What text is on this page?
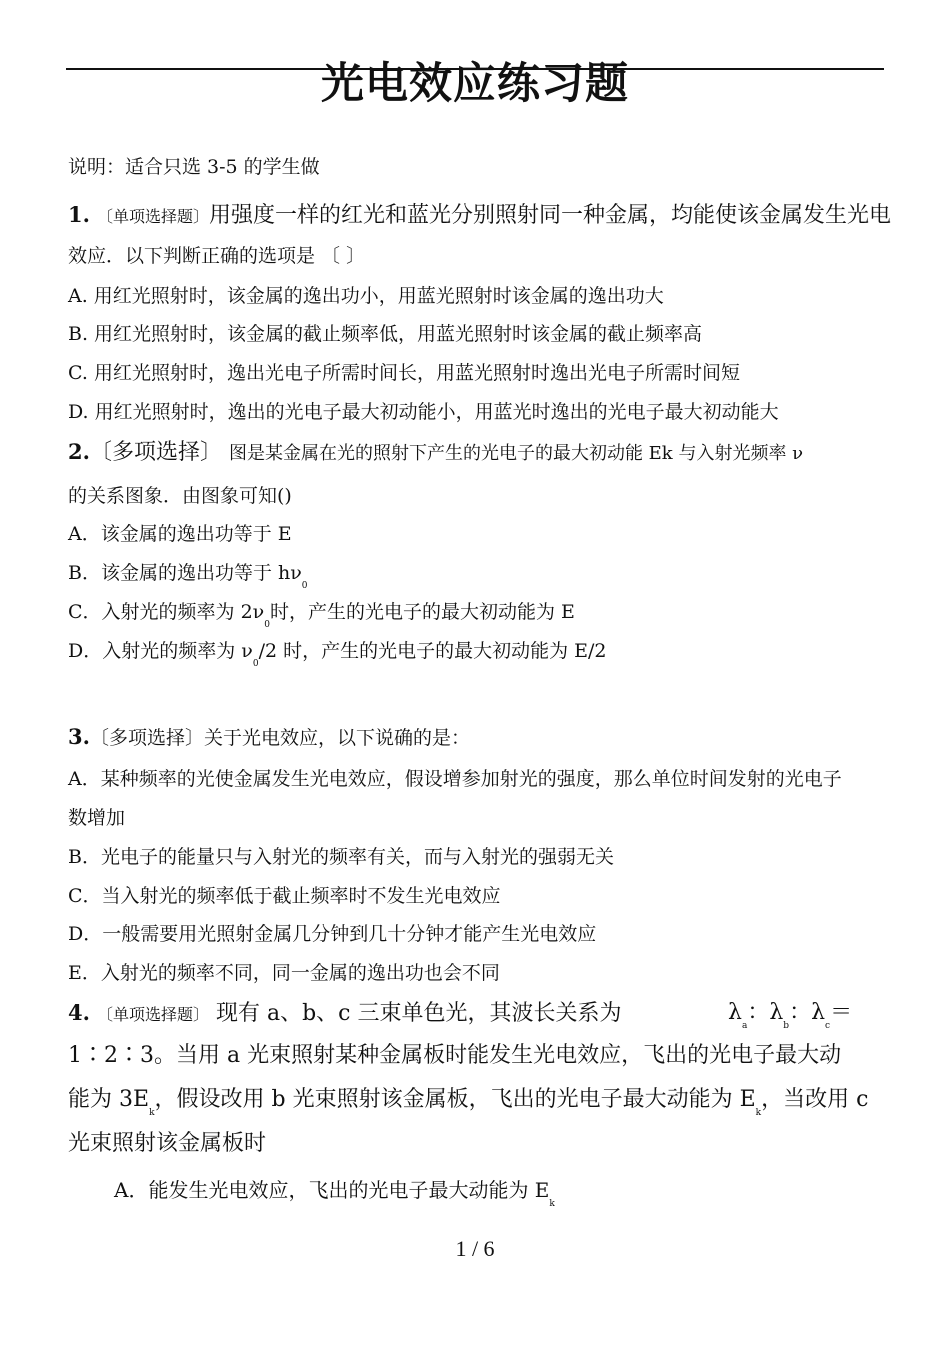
光电效应练习题
说明：适合只选 3-5 的学生做
1. 〔单项选择题〕用强度一样的红光和蓝光分别照射同一种金属，均能使该金属发生光电
效应．以下判断正确的选项是 〔 〕
A. 用红光照射时，该金属的逸出功小，用蓝光照射时该金属的逸出功大
B. 用红光照射时，该金属的截止频率低，用蓝光照射时该金属的截止频率高
C. 用红光照射时，逸出光电子所需时间长，用蓝光照射时逸出光电子所需时间短
D. 用红光照射时，逸出的光电子最大初动能小，用蓝光时逸出的光电子最大初动能大
2.〔多项选择〕 图是某金属在光的照射下产生的光电子的最大初动能 Ek 与入射光频率 ν
的关系图象．由图象可知()
A．该金属的逸出功等于 E
B．该金属的逸出功等于 $h\nu_0$
C．入射光的频率为 $2\nu_0$时，产生的光电子的最大初动能为 E
D．入射光的频率为 $\nu_0/2$ 时，产生的光电子的最大初动能为 E/2
3.〔多项选择〕关于光电效应，以下说确的是：
A．某种频率的光使金属发生光电效应，假设增参加射光的强度，那么单位时间发射的光电子
数增加
B．光电子的能量只与入射光的频率有关，而与入射光的强弱无关
C．当入射光的频率低于截止频率时不发生光电效应
D．一般需要用光照射金属几分钟到几十分钟才能产生光电效应
E．入射光的频率不同，同一金属的逸出功也会不同
4. 〔单项选择题〕 现有 a、b、c 三束单色光，其波长关系为	$\lambda_a$：$\lambda_b$：$\lambda_c=$
1∶2∶3。当用 a 光束照射某种金属板时能发生光电效应，飞出的光电子最大动
能为 $3E_k$，假设改用 b 光束照射该金属板，飞出的光电子最大动能为 $E_k$，当改用 c
光束照射该金属板时
A．能发生光电效应，飞出的光电子最大动能为 $E_k$
1 / 6
